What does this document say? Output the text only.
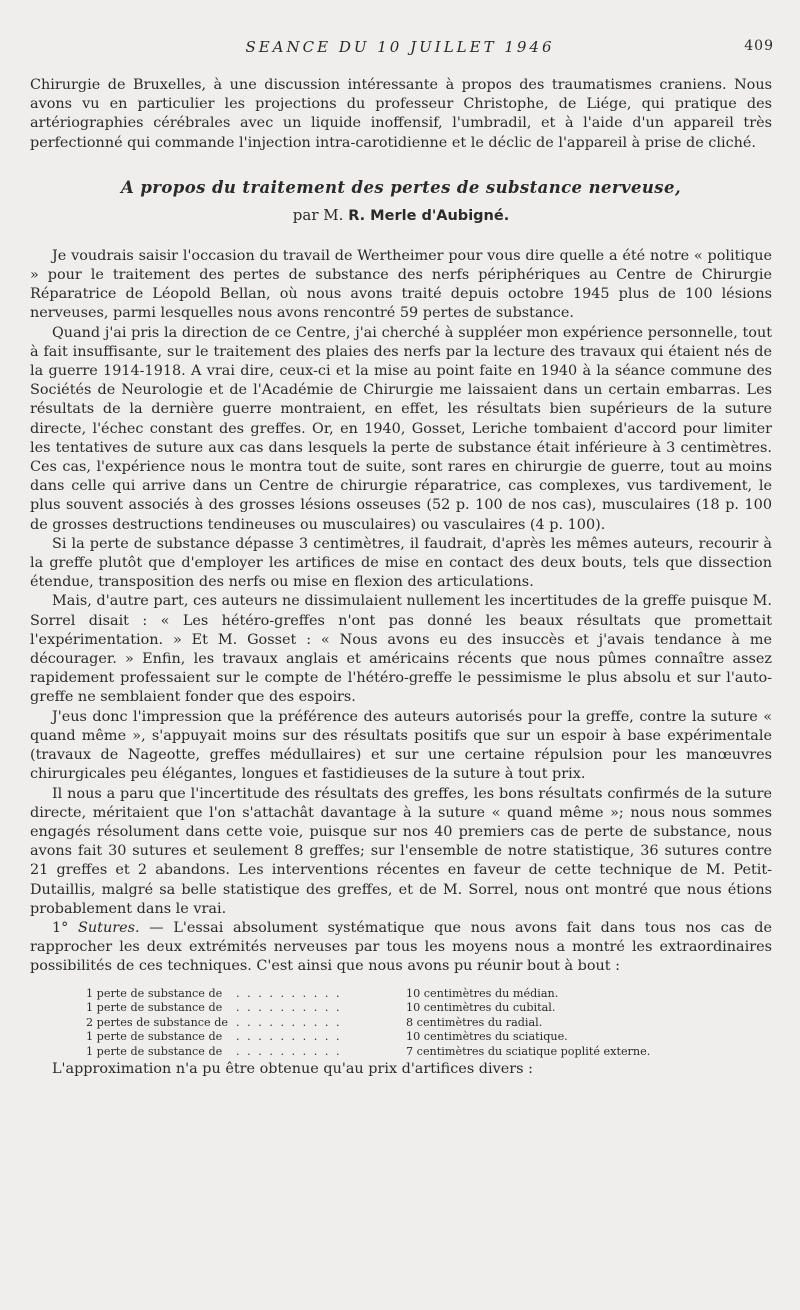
SEANCE DU 10 JUILLET 1946	409

Chirurgie de Bruxelles, à une discussion intéressante à propos des traumatismes craniens. Nous avons vu en particulier les projections du professeur Christophe, de Liége, qui pratique des artériographies cérébrales avec un liquide inoffensif, l'umbradil, et à l'aide d'un appareil très perfectionné qui commande l'injection intra-carotidienne et le déclic de l'appareil à prise de cliché.

A propos du traitement des pertes de substance nerveuse,
par M. R. Merle d'Aubigné.

Je voudrais saisir l'occasion du travail de Wertheimer pour vous dire quelle a été notre « politique » pour le traitement des pertes de substance des nerfs périphériques au Centre de Chirurgie Réparatrice de Léopold Bellan, où nous avons traité depuis octobre 1945 plus de 100 lésions nerveuses, parmi lesquelles nous avons rencontré 59 pertes de substance.

Quand j'ai pris la direction de ce Centre, j'ai cherché à suppléer mon expérience personnelle, tout à fait insuffisante, sur le traitement des plaies des nerfs par la lecture des travaux qui étaient nés de la guerre 1914-1918. A vrai dire, ceux-ci et la mise au point faite en 1940 à la séance commune des Sociétés de Neurologie et de l'Académie de Chirurgie me laissaient dans un certain embarras. Les résultats de la dernière guerre montraient, en effet, les résultats bien supérieurs de la suture directe, l'échec constant des greffes. Or, en 1940, Gosset, Leriche tombaient d'accord pour limiter les tentatives de suture aux cas dans lesquels la perte de substance était inférieure à 3 centimètres. Ces cas, l'expérience nous le montra tout de suite, sont rares en chirurgie de guerre, tout au moins dans celle qui arrive dans un Centre de chirurgie réparatrice, cas complexes, vus tardivement, le plus souvent associés à des grosses lésions osseuses (52 p. 100 de nos cas), musculaires (18 p. 100 de grosses destructions tendineuses ou musculaires) ou vasculaires (4 p. 100).

Si la perte de substance dépasse 3 centimètres, il faudrait, d'après les mêmes auteurs, recourir à la greffe plutôt que d'employer les artifices de mise en contact des deux bouts, tels que dissection étendue, transposition des nerfs ou mise en flexion des articulations.

Mais, d'autre part, ces auteurs ne dissimulaient nullement les incertitudes de la greffe puisque M. Sorrel disait : « Les hétéro-greffes n'ont pas donné les beaux résultats que promettait l'expérimentation. » Et M. Gosset : « Nous avons eu des insuccès et j'avais tendance à me décourager. » Enfin, les travaux anglais et américains récents que nous pûmes connaître assez rapidement professaient sur le compte de l'hétéro-greffe le pessimisme le plus absolu et sur l'auto-greffe ne semblaient fonder que des espoirs.

J'eus donc l'impression que la préférence des auteurs autorisés pour la greffe, contre la suture « quand même », s'appuyait moins sur des résultats positifs que sur un espoir à base expérimentale (travaux de Nageotte, greffes médullaires) et sur une certaine répulsion pour les manœuvres chirurgicales peu élégantes, longues et fastidieuses de la suture à tout prix.

Il nous a paru que l'incertitude des résultats des greffes, les bons résultats confirmés de la suture directe, méritaient que l'on s'attachât davantage à la suture « quand même »; nous nous sommes engagés résolument dans cette voie, puisque sur nos 40 premiers cas de perte de substance, nous avons fait 30 sutures et seulement 8 greffes; sur l'ensemble de notre statistique, 36 sutures contre 21 greffes et 2 abandons. Les interventions récentes en faveur de cette technique de M. Petit-Dutaillis, malgré sa belle statistique des greffes, et de M. Sorrel, nous ont montré que nous étions probablement dans le vrai.

1° Sutures. — L'essai absolument systématique que nous avons fait dans tous nos cas de rapprocher les deux extrémités nerveuses par tous les moyens nous a montré les extraordinaires possibilités de ces techniques. C'est ainsi que nous avons pu réunir bout à bout :

1 perte de substance de	. . . . . . . . . .	10 centimètres du médian.
1 perte de substance de	. . . . . . . . . .	10 centimètres du cubital.
2 pertes de substance de	. . . . . . . . . .	8 centimètres du radial.
1 perte de substance de	. . . . . . . . . .	10 centimètres du sciatique.
1 perte de substance de	. . . . . . . . . .	7 centimètres du sciatique poplité externe.

L'approximation n'a pu être obtenue qu'au prix d'artifices divers :
